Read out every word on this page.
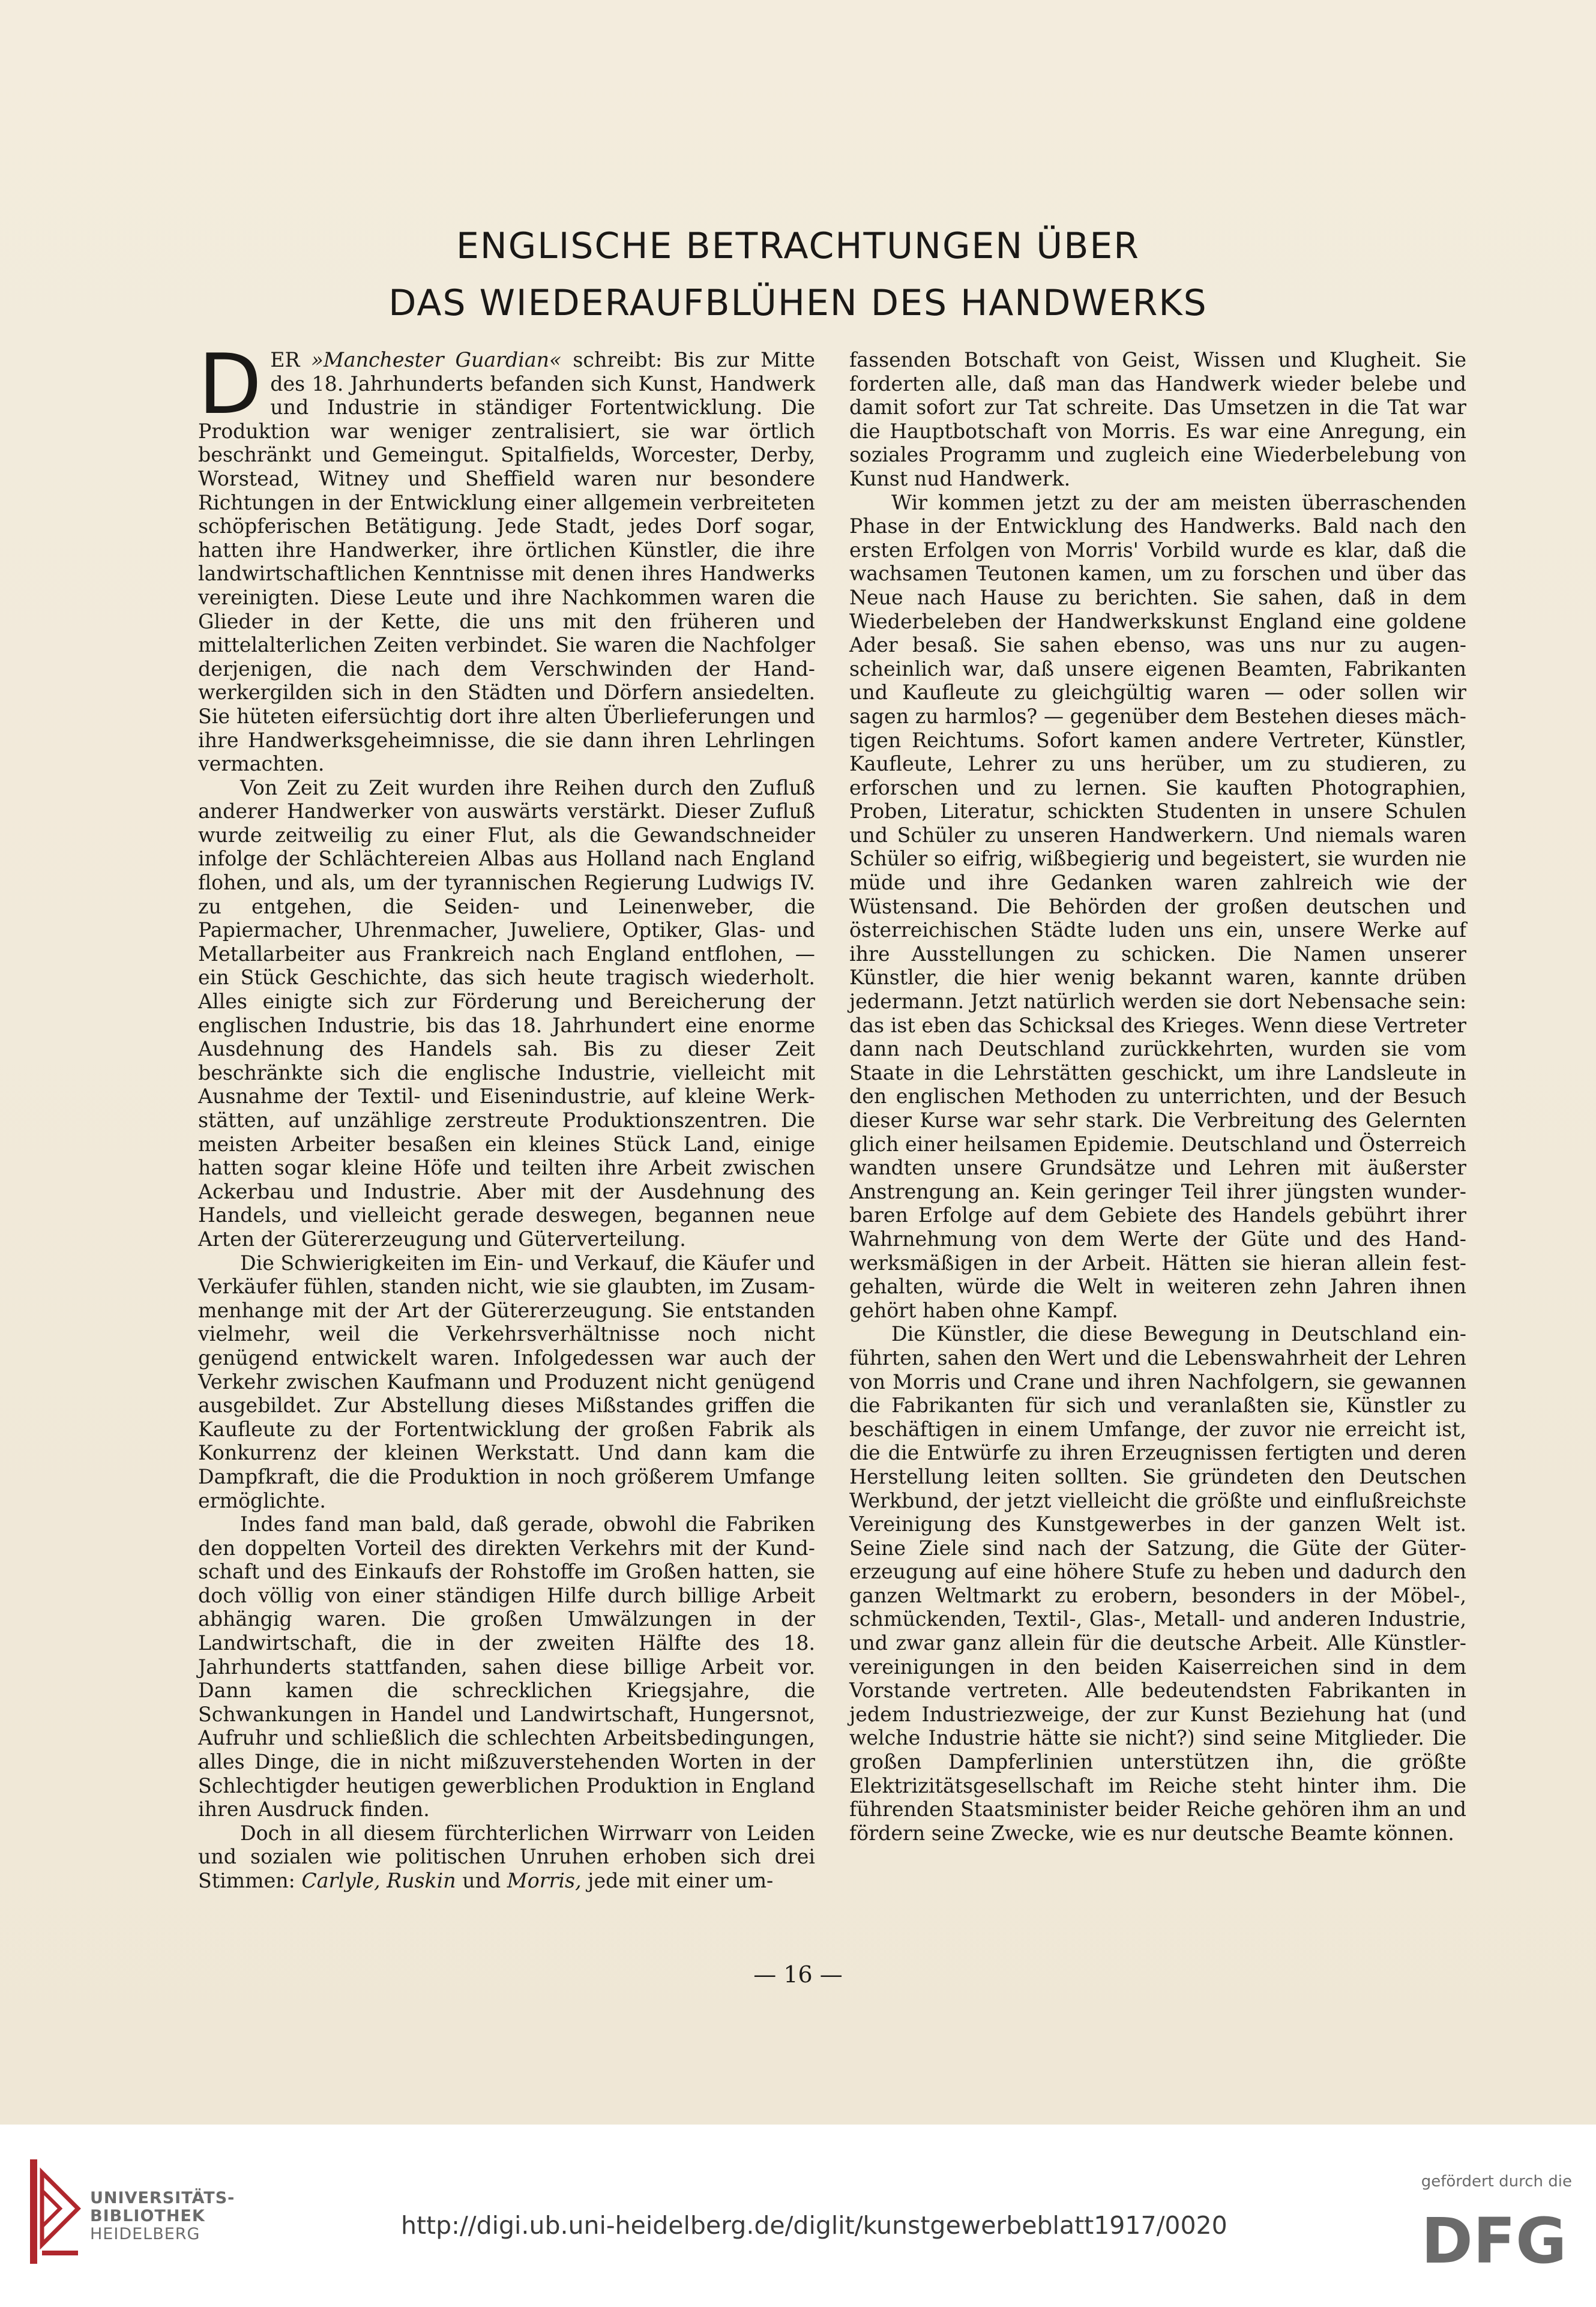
ENGLISCHE BETRACHTUNGEN ÜBER
DAS WIEDERAUFBLÜHEN DES HANDWERKS

DER »Manchester Guardian« schreibt: Bis zur Mitte des 18. Jahrhunderts befanden sich Kunst, Handwerk und Industrie in ständiger Fortentwicklung. Die Produktion war weniger zentralisiert, sie war örtlich beschränkt und Gemeingut. Spitalfields, Worcester, Derby, Worstead, Witney und Sheffield waren nur besondere Richtungen in der Entwicklung einer allgemein verbreiteten schöpferischen Betätigung. Jede Stadt, jedes Dorf sogar, hatten ihre Handwerker, ihre örtlichen Künstler, die ihre landwirtschaftlichen Kenntnisse mit denen ihres Handwerks vereinigten. Diese Leute und ihre Nachkommen waren die Glieder in der Kette, die uns mit den früheren und mittelalterlichen Zeiten verbindet. Sie waren die Nachfolger derjenigen, die nach dem Verschwinden der Handwerkergilden sich in den Städten und Dörfern ansiedelten. Sie hüteten eifersüchtig dort ihre alten Überlieferungen und ihre Handwerksgeheimnisse, die sie dann ihren Lehrlingen vermachten.

Von Zeit zu Zeit wurden ihre Reihen durch den Zufluß anderer Handwerker von auswärts verstärkt. Dieser Zufluß wurde zeitweilig zu einer Flut, als die Gewandschneider infolge der Schlächtereien Albas aus Holland nach England flohen, und als, um der tyrannischen Regierung Ludwigs IV. zu entgehen, die Seiden- und Leinenweber, die Papiermacher, Uhrenmacher, Juweliere, Optiker, Glas- und Metallarbeiter aus Frankreich nach England entflohen, — ein Stück Geschichte, das sich heute tragisch wiederholt. Alles einigte sich zur Förderung und Bereicherung der englischen Industrie, bis das 18. Jahrhundert eine enorme Ausdehnung des Handels sah. Bis zu dieser Zeit beschränkte sich die englische Industrie, vielleicht mit Ausnahme der Textil- und Eisenindustrie, auf kleine Werkstätten, auf unzählige zerstreute Produktionszentren. Die meisten Arbeiter besaßen ein kleines Stück Land, einige hatten sogar kleine Höfe und teilten ihre Arbeit zwischen Ackerbau und Industrie. Aber mit der Ausdehnung des Handels, und vielleicht gerade deswegen, begannen neue Arten der Gütererzeugung und Güterverteilung.

Die Schwierigkeiten im Ein- und Verkauf, die Käufer und Verkäufer fühlen, standen nicht, wie sie glaubten, im Zusammenhange mit der Art der Gütererzeugung. Sie entstanden vielmehr, weil die Verkehrsverhältnisse noch nicht genügend entwickelt waren. Infolgedessen war auch der Verkehr zwischen Kaufmann und Produzent nicht genügend ausgebildet. Zur Abstellung dieses Mißstandes griffen die Kaufleute zu der Fortentwicklung der großen Fabrik als Konkurrenz der kleinen Werkstatt. Und dann kam die Dampfkraft, die die Produktion in noch größerem Umfange ermöglichte.

Indes fand man bald, daß gerade, obwohl die Fabriken den doppelten Vorteil des direkten Verkehrs mit der Kundschaft und des Einkaufs der Rohstoffe im Großen hatten, sie doch völlig von einer ständigen Hilfe durch billige Arbeit abhängig waren. Die großen Umwälzungen in der Landwirtschaft, die in der zweiten Hälfte des 18. Jahrhunderts stattfanden, sahen diese billige Arbeit vor. Dann kamen die schrecklichen Kriegsjahre, die Schwankungen in Handel und Landwirtschaft, Hungersnot, Aufruhr und schließlich die schlechten Arbeitsbedingungen, alles Dinge, die in nicht mißzuverstehenden Worten in der Schlechtigder heutigen gewerblichen Produktion in England ihren Ausdruck finden.

Doch in all diesem fürchterlichen Wirrwarr von Leiden und sozialen wie politischen Unruhen erhoben sich drei Stimmen: Carlyle, Ruskin und Morris, jede mit einer um-

fassenden Botschaft von Geist, Wissen und Klugheit. Sie forderten alle, daß man das Handwerk wieder belebe und damit sofort zur Tat schreite. Das Umsetzen in die Tat war die Hauptbotschaft von Morris. Es war eine Anregung, ein soziales Programm und zugleich eine Wiederbelebung von Kunst nud Handwerk.

Wir kommen jetzt zu der am meisten überraschenden Phase in der Entwicklung des Handwerks. Bald nach den ersten Erfolgen von Morris' Vorbild wurde es klar, daß die wachsamen Teutonen kamen, um zu forschen und über das Neue nach Hause zu berichten. Sie sahen, daß in dem Wiederbeleben der Handwerkskunst England eine goldene Ader besaß. Sie sahen ebenso, was uns nur zu augenscheinlich war, daß unsere eigenen Beamten, Fabrikanten und Kaufleute zu gleichgültig waren — oder sollen wir sagen zu harmlos? — gegenüber dem Bestehen dieses mächtigen Reichtums. Sofort kamen andere Vertreter, Künstler, Kaufleute, Lehrer zu uns herüber, um zu studieren, zu erforschen und zu lernen. Sie kauften Photographien, Proben, Literatur, schickten Studenten in unsere Schulen und Schüler zu unseren Handwerkern. Und niemals waren Schüler so eifrig, wißbegierig und begeistert, sie wurden nie müde und ihre Gedanken waren zahlreich wie der Wüstensand. Die Behörden der großen deutschen und österreichischen Städte luden uns ein, unsere Werke auf ihre Ausstellungen zu schicken. Die Namen unserer Künstler, die hier wenig bekannt waren, kannte drüben jedermann. Jetzt natürlich werden sie dort Nebensache sein: das ist eben das Schicksal des Krieges. Wenn diese Vertreter dann nach Deutschland zurückkehrten, wurden sie vom Staate in die Lehrstätten geschickt, um ihre Landsleute in den englischen Methoden zu unterrichten, und der Besuch dieser Kurse war sehr stark. Die Verbreitung des Gelernten glich einer heilsamen Epidemie. Deutschland und Österreich wandten unsere Grundsätze und Lehren mit äußerster Anstrengung an. Kein geringer Teil ihrer jüngsten wunderbaren Erfolge auf dem Gebiete des Handels gebührt ihrer Wahrnehmung von dem Werte der Güte und des Handwerksmäßigen in der Arbeit. Hätten sie hieran allein festgehalten, würde die Welt in weiteren zehn Jahren ihnen gehört haben ohne Kampf.

Die Künstler, die diese Bewegung in Deutschland einführten, sahen den Wert und die Lebenswahrheit der Lehren von Morris und Crane und ihren Nachfolgern, sie gewannen die Fabrikanten für sich und veranlaßten sie, Künstler zu beschäftigen in einem Umfange, der zuvor nie erreicht ist, die die Entwürfe zu ihren Erzeugnissen fertigten und deren Herstellung leiten sollten. Sie gründeten den Deutschen Werkbund, der jetzt vielleicht die größte und einflußreichste Vereinigung des Kunstgewerbes in der ganzen Welt ist. Seine Ziele sind nach der Satzung, die Güte der Gütererzeugung auf eine höhere Stufe zu heben und dadurch den ganzen Weltmarkt zu erobern, besonders in der Möbel-, schmückenden, Textil-, Glas-, Metall- und anderen Industrie, und zwar ganz allein für die deutsche Arbeit. Alle Künstlervereinigungen in den beiden Kaiserreichen sind in dem Vorstande vertreten. Alle bedeutendsten Fabrikanten in jedem Industriezweige, der zur Kunst Beziehung hat (und welche Industrie hätte sie nicht?) sind seine Mitglieder. Die großen Dampferlinien unterstützen ihn, die größte Elektrizitätsgesellschaft im Reiche steht hinter ihm. Die führenden Staatsminister beider Reiche gehören ihm an und fördern seine Zwecke, wie es nur deutsche Beamte können.

— 16 —
UNIVERSITÄTS-
BIBLIOTHEK
HEIDELBERG	http://digi.ub.uni-heidelberg.de/diglit/kunstgewerbeblatt1917/0020
gefördert durch die
DFG
